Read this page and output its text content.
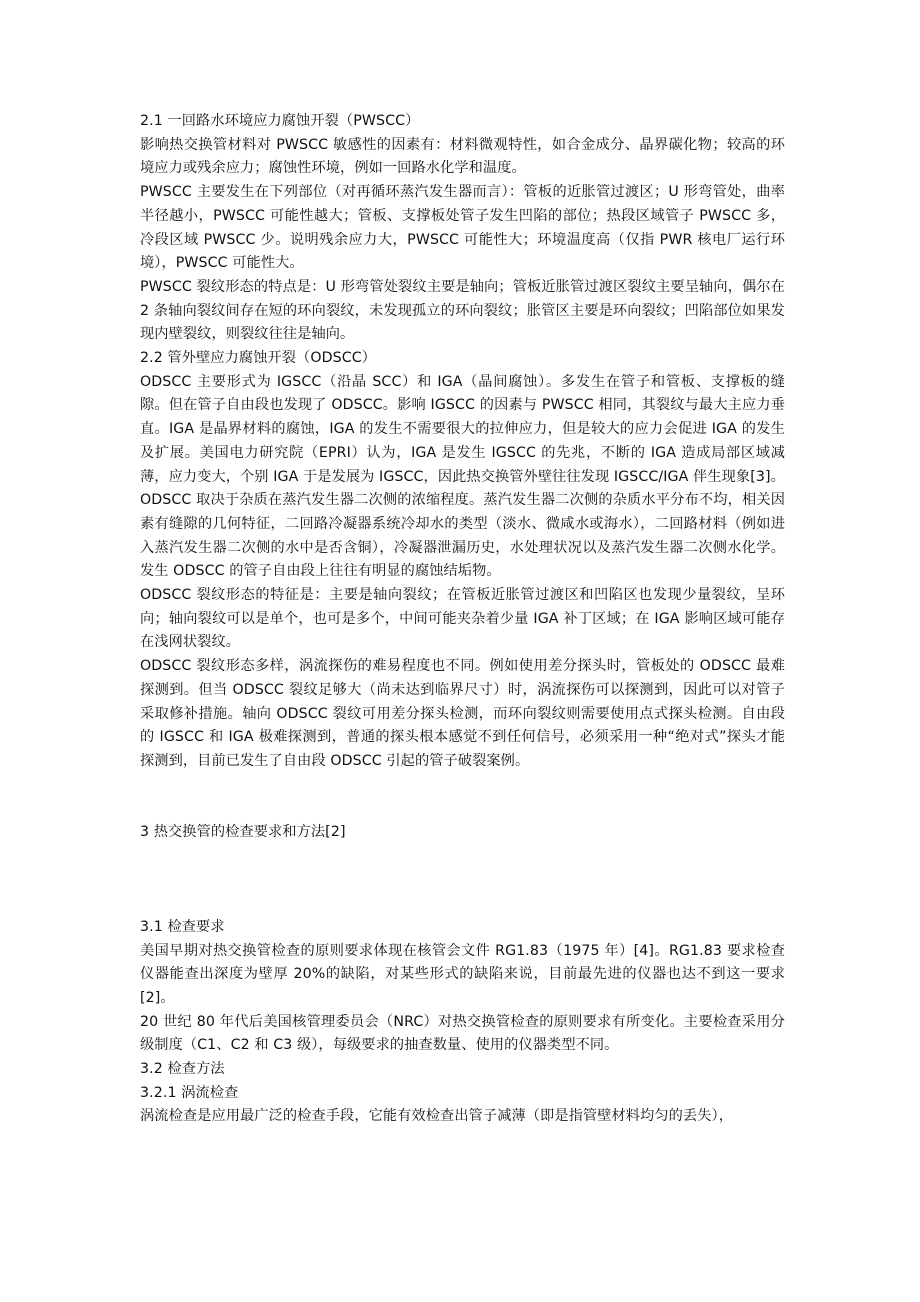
2.1 一回路水环境应力腐蚀开裂（PWSCC）

影响热交换管材料对 PWSCC 敏感性的因素有：材料微观特性，如合金成分、晶界碳化物；较高的环境应力或残余应力；腐蚀性环境，例如一回路水化学和温度。

PWSCC 主要发生在下列部位（对再循环蒸汽发生器而言）：管板的近胀管过渡区；U 形弯管处，曲率半径越小，PWSCC 可能性越大；管板、支撑板处管子发生凹陷的部位；热段区域管子 PWSCC 多，冷段区域 PWSCC 少。说明残余应力大，PWSCC 可能性大；环境温度高（仅指 PWR 核电厂运行环境），PWSCC 可能性大。

PWSCC 裂纹形态的特点是：U 形弯管处裂纹主要是轴向；管板近胀管过渡区裂纹主要呈轴向，偶尔在 2 条轴向裂纹间存在短的环向裂纹，未发现孤立的环向裂纹；胀管区主要是环向裂纹；凹陷部位如果发现内壁裂纹，则裂纹往往是轴向。

2.2 管外壁应力腐蚀开裂（ODSCC）

ODSCC 主要形式为 IGSCC（沿晶 SCC）和 IGA（晶间腐蚀）。多发生在管子和管板、支撑板的缝隙。但在管子自由段也发现了 ODSCC。影响 IGSCC 的因素与 PWSCC 相同，其裂纹与最大主应力垂直。IGA 是晶界材料的腐蚀，IGA 的发生不需要很大的拉伸应力，但是较大的应力会促进 IGA 的发生及扩展。美国电力研究院（EPRI）认为，IGA 是发生 IGSCC 的先兆，不断的 IGA 造成局部区域减薄，应力变大，个别 IGA 于是发展为 IGSCC，因此热交换管外壁往往发现 IGSCC/IGA 伴生现象[3]。

ODSCC 取决于杂质在蒸汽发生器二次侧的浓缩程度。蒸汽发生器二次侧的杂质水平分布不均，相关因素有缝隙的几何特征，二回路冷凝器系统冷却水的类型（淡水、微咸水或海水），二回路材料（例如进入蒸汽发生器二次侧的水中是否含铜），冷凝器泄漏历史，水处理状况以及蒸汽发生器二次侧水化学。发生 ODSCC 的管子自由段上往往有明显的腐蚀结垢物。

ODSCC 裂纹形态的特征是：主要是轴向裂纹；在管板近胀管过渡区和凹陷区也发现少量裂纹，呈环向；轴向裂纹可以是单个，也可是多个，中间可能夹杂着少量 IGA 补丁区域；在 IGA 影响区域可能存在浅网状裂纹。

ODSCC 裂纹形态多样，涡流探伤的难易程度也不同。例如使用差分探头时，管板处的 ODSCC 最难探测到。但当 ODSCC 裂纹足够大（尚未达到临界尺寸）时，涡流探伤可以探测到，因此可以对管子采取修补措施。轴向 ODSCC 裂纹可用差分探头检测，而环向裂纹则需要使用点式探头检测。自由段的 IGSCC 和 IGA 极难探测到，普通的探头根本感觉不到任何信号，必须采用一种“绝对式”探头才能探测到，目前已发生了自由段 ODSCC 引起的管子破裂案例。

3 热交换管的检查要求和方法[2]

3.1 检查要求

美国早期对热交换管检查的原则要求体现在核管会文件 RG1.83（1975 年）[4]。RG1.83 要求检查仪器能查出深度为壁厚 20%的缺陷，对某些形式的缺陷来说，目前最先进的仪器也达不到这一要求[2]。

20 世纪 80 年代后美国核管理委员会（NRC）对热交换管检查的原则要求有所变化。主要检查采用分级制度（C1、C2 和 C3 级），每级要求的抽查数量、使用的仪器类型不同。

3.2 检查方法

3.2.1 涡流检查

涡流检查是应用最广泛的检查手段，它能有效检查出管子减薄（即是指管壁材料均匀的丢失），
